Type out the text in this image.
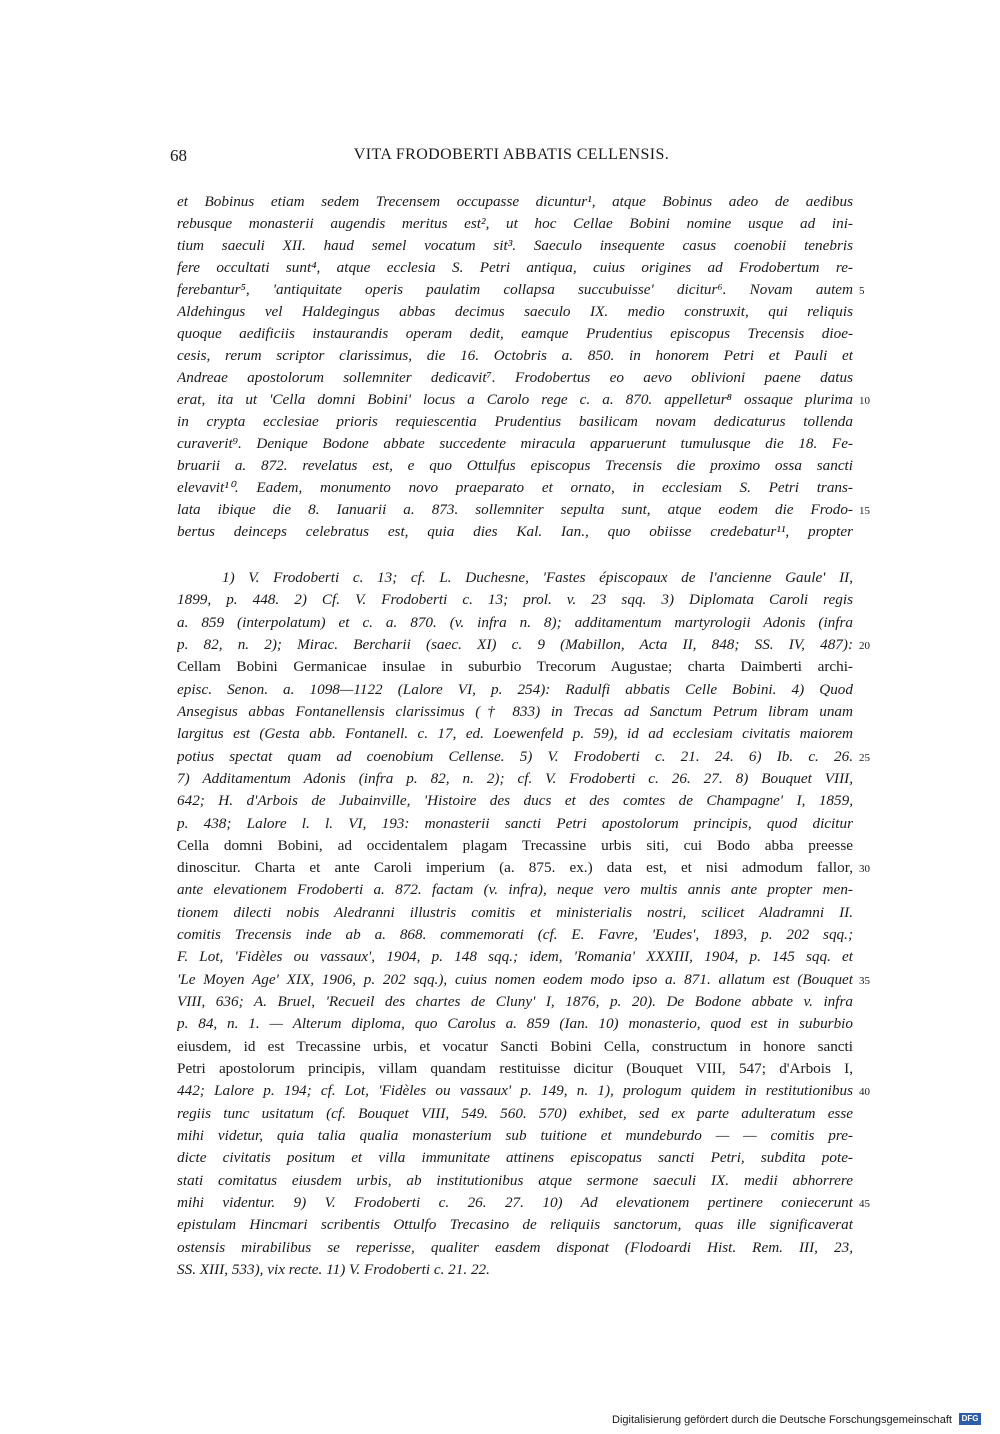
68	VITA FRODOBERTI ABBATIS CELLENSIS.
et Bobinus etiam sedem Trecensem occupasse dicuntur¹, atque Bobinus adeo de aedibus
rebusque monasterii augendis meritus est², ut hoc Cellae Bobini nomine usque ad ini-
tium saeculi XII. haud semel vocatum sit³. Saeculo insequente casus coenobii tenebris
fere occultati sunt⁴, atque ecclesia S. Petri antiqua, cuius origines ad Frodobertum re-
ferebantur⁵, 'antiquitate operis paulatim collapsa succubuisse' dicitur⁶. Novam autem
Aldehingus vel Haldegingus abbas decimus saeculo IX. medio construxit, qui reliquis
quoque aedificiis instaurandis operam dedit, eamque Prudentius episcopus Trecensis dioe-
cesis, rerum scriptor clarissimus, die 16. Octobris a. 850. in honorem Petri et Pauli et
Andreae apostolorum sollemniter dedicavit⁷. Frodobertus eo aevo oblivioni paene datus
erat, ita ut 'Cella domni Bobini' locus a Carolo rege c. a. 870. appelletur⁸ ossaque plurima
in crypta ecclesiae prioris requiescentia Prudentius basilicam novam dedicaturus tollenda
curaverit⁹. Denique Bodone abbate succedente miracula apparuerunt tumulusque die 18. Fe-
bruarii a. 872. revelatus est, e quo Ottulfus episcopus Trecensis die proximo ossa sancti
elevavit¹⁰. Eadem, monumento novo praeparato et ornato, in ecclesiam S. Petri trans-
lata ibique die 8. Ianuarii a. 873. sollemniter sepulta sunt, atque eodem die Frodo-
bertus deinceps celebratus est, quia dies Kal. Ian., quo obiisse credebatur¹¹, propter
1) V. Frodoberti c. 13; cf. L. Duchesne, 'Fastes épiscopaux de l'ancienne Gaule' II,
1899, p. 448. 2) Cf. V. Frodoberti c. 13; prol. v. 23 sqq. 3) Diplomata Caroli regis
a. 859 (interpolatum) et c. a. 870. (v. infra n. 8); additamentum martyrologii Adonis (infra
p. 82, n. 2); Mirac. Bercharii (saec. XI) c. 9 (Mabillon, Acta II, 848; SS. IV, 487):
Cellam Bobini Germanicae insulae in suburbio Trecorum Augustae; charta Daimberti archi-
episc. Senon. a. 1098—1122 (Lalore VI, p. 254): Radulfi abbatis Celle Bobini. 4) Quod
Ansegisus abbas Fontanellensis clarissimus († 833) in Trecas ad Sanctum Petrum libram unam
largitus est (Gesta abb. Fontanell. c. 17, ed. Loewenfeld p. 59), id ad ecclesiam civitatis maiorem
potius spectat quam ad coenobium Cellense. 5) V. Frodoberti c. 21. 24. 6) Ib. c. 26.
7) Additamentum Adonis (infra p. 82, n. 2); cf. V. Frodoberti c. 26. 27. 8) Bouquet VIII,
642; H. d'Arbois de Jubainville, 'Histoire des ducs et des comtes de Champagne' I, 1859,
p. 438; Lalore l. l. VI, 193: monasterii sancti Petri apostolorum principis, quod dicitur
Cella domni Bobini, ad occidentalem plagam Trecassine urbis siti, cui Bodo abba preesse
dinoscitur. Charta et ante Caroli imperium (a. 875. ex.) data est, et nisi admodum fallor,
ante elevationem Frodoberti a. 872. factam (v. infra), neque vero multis annis ante propter men-
tionem dilecti nobis Aledranni illustris comitis et ministerialis nostri, scilicet Aladramni II.
comitis Trecensis inde ab a. 868. commemorati (cf. E. Favre, 'Eudes', 1893, p. 202 sqq.;
F. Lot, 'Fidèles ou vassaux', 1904, p. 148 sqq.; idem, 'Romania' XXXIII, 1904, p. 145 sqq. et
'Le Moyen Age' XIX, 1906, p. 202 sqq.), cuius nomen eodem modo ipso a. 871. allatum est (Bouquet
VIII, 636; A. Bruel, 'Recueil des chartes de Cluny' I, 1876, p. 20). De Bodone abbate v. infra
p. 84, n. 1. — Alterum diploma, quo Carolus a. 859 (Ian. 10) monasterio, quod est in suburbio
eiusdem, id est Trecassine urbis, et vocatur Sancti Bobini Cella, constructum in honore sancti
Petri apostolorum principis, villam quandam restituisse dicitur (Bouquet VIII, 547; d'Arbois I,
442; Lalore p. 194; cf. Lot, 'Fidèles ou vassaux' p. 149, n. 1), prologum quidem in restitutionibus
regiis tunc usitatum (cf. Bouquet VIII, 549. 560. 570) exhibet, sed ex parte adulteratum esse
mihi videtur, quia talia qualia monasterium sub tuitione et mundeburdo — — comitis pre-
dicte civitatis positum et villa immunitate attinens episcopatus sancti Petri, subdita pote-
stati comitatus eiusdem urbis, ab institutionibus atque sermone saeculi IX. medii abhorrere
mihi videntur. 9) V. Frodoberti c. 26. 27. 10) Ad elevationem pertinere coniecerunt
epistulam Hincmari scribentis Ottulfo Trecasino de reliquiis sanctorum, quas ille significaverat
ostensis mirabilibus se reperisse, qualiter easdem disponat (Flodoardi Hist. Rem. III, 23,
SS. XIII, 533), vix recte. 11) V. Frodoberti c. 21. 22.
5
10
15
20
25
30
35
40
45
Digitalisierung gefördert durch die Deutsche Forschungsgemeinschaft DFG
